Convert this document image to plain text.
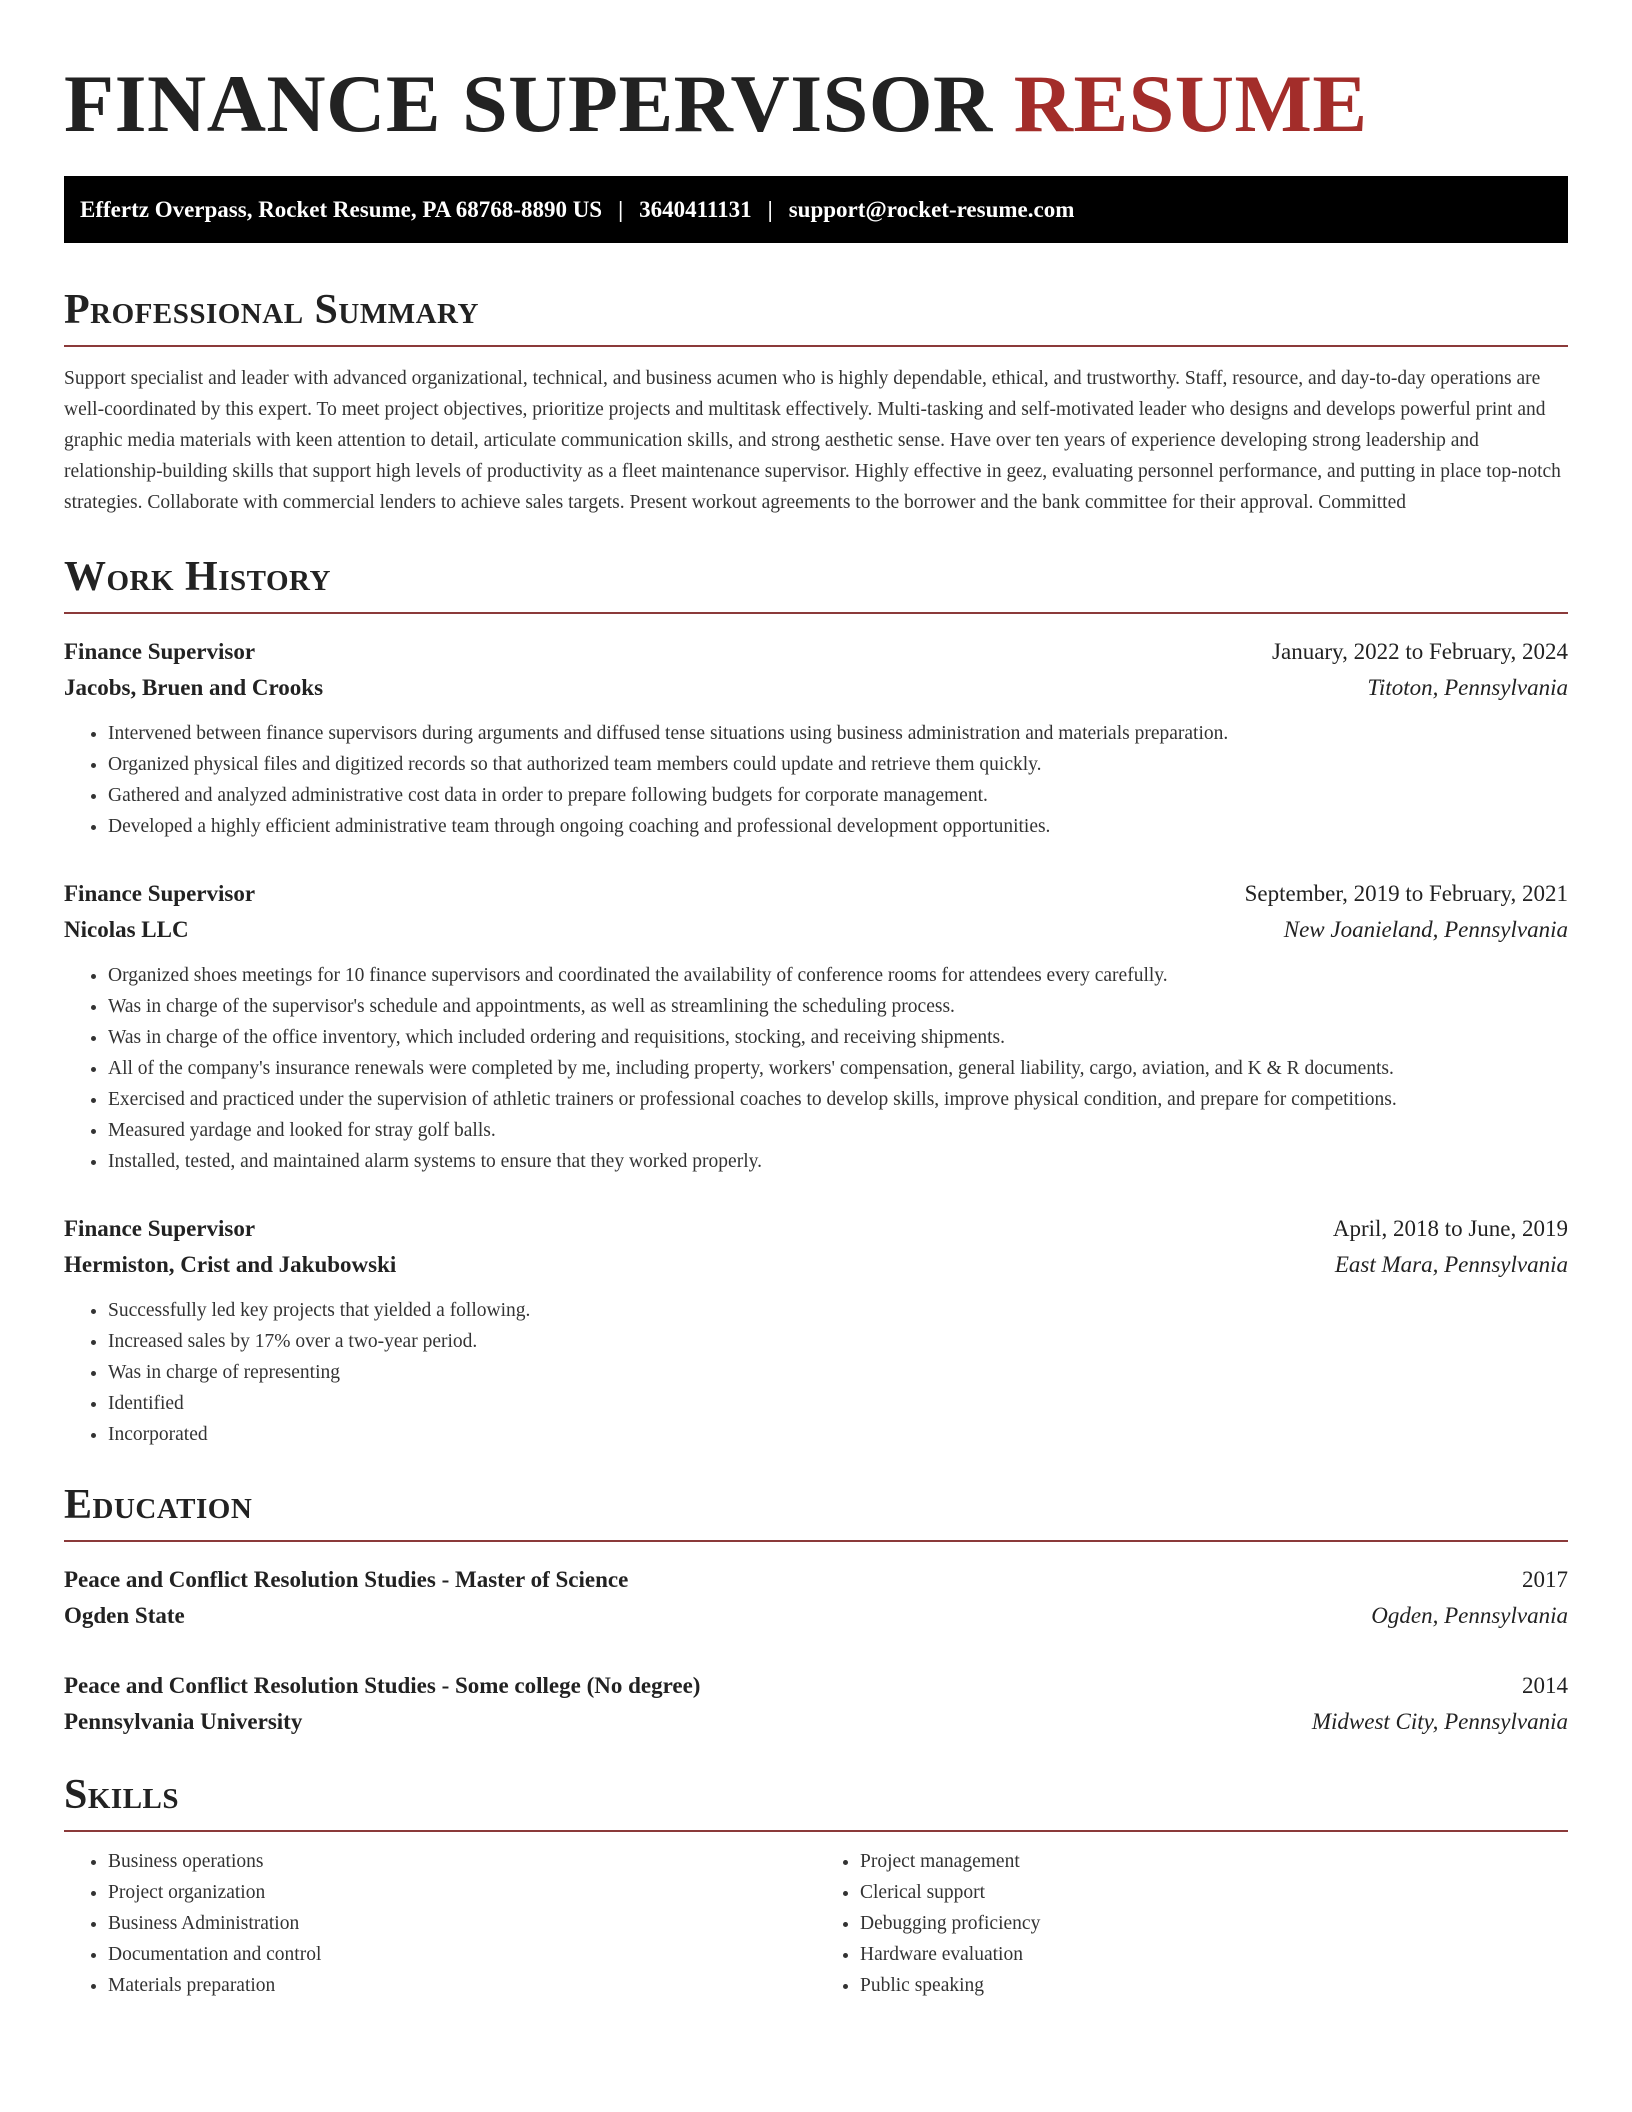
FINANCE SUPERVISOR RESUME
Effertz Overpass, Rocket Resume, PA 68768-8890 US | 3640411131 | support@rocket-resume.com
Professional Summary

Support specialist and leader with advanced organizational, technical, and business acumen who is highly dependable, ethical, and trustworthy. Staff, resource, and day-to-day operations are well-coordinated by this expert. To meet project objectives, prioritize projects and multitask effectively. Multi-tasking and self-motivated leader who designs and develops powerful print and graphic media materials with keen attention to detail, articulate communication skills, and strong aesthetic sense. Have over ten years of experience developing strong leadership and relationship-building skills that support high levels of productivity as a fleet maintenance supervisor. Highly effective in geez, evaluating personnel performance, and putting in place top-notch strategies. Collaborate with commercial lenders to achieve sales targets. Present workout agreements to the borrower and the bank committee for their approval. Committed

Work History
Finance Supervisor	January, 2022 to February, 2024
Jacobs, Bruen and Crooks	Titoton, Pennsylvania
• Intervened between finance supervisors during arguments and diffused tense situations using business administration and materials preparation.
• Organized physical files and digitized records so that authorized team members could update and retrieve them quickly.
• Gathered and analyzed administrative cost data in order to prepare following budgets for corporate management.
• Developed a highly efficient administrative team through ongoing coaching and professional development opportunities.
Finance Supervisor	September, 2019 to February, 2021
Nicolas LLC	New Joanieland, Pennsylvania
• Organized shoes meetings for 10 finance supervisors and coordinated the availability of conference rooms for attendees every carefully.
• Was in charge of the supervisor's schedule and appointments, as well as streamlining the scheduling process.
• Was in charge of the office inventory, which included ordering and requisitions, stocking, and receiving shipments.
• All of the company's insurance renewals were completed by me, including property, workers' compensation, general liability, cargo, aviation, and K & R documents.
• Exercised and practiced under the supervision of athletic trainers or professional coaches to develop skills, improve physical condition, and prepare for competitions.
• Measured yardage and looked for stray golf balls.
• Installed, tested, and maintained alarm systems to ensure that they worked properly.
Finance Supervisor	April, 2018 to June, 2019
Hermiston, Crist and Jakubowski	East Mara, Pennsylvania
• Successfully led key projects that yielded a following.
• Increased sales by 17% over a two-year period.
• Was in charge of representing
• Identified
• Incorporated
Education
Peace and Conflict Resolution Studies - Master of Science	2017
Ogden State	Ogden, Pennsylvania
Peace and Conflict Resolution Studies - Some college (No degree)	2014
Pennsylvania University	Midwest City, Pennsylvania
Skills
• Business operations
• Project organization
• Business Administration
• Documentation and control
• Materials preparation
• Project management
• Clerical support
• Debugging proficiency
• Hardware evaluation
• Public speaking
